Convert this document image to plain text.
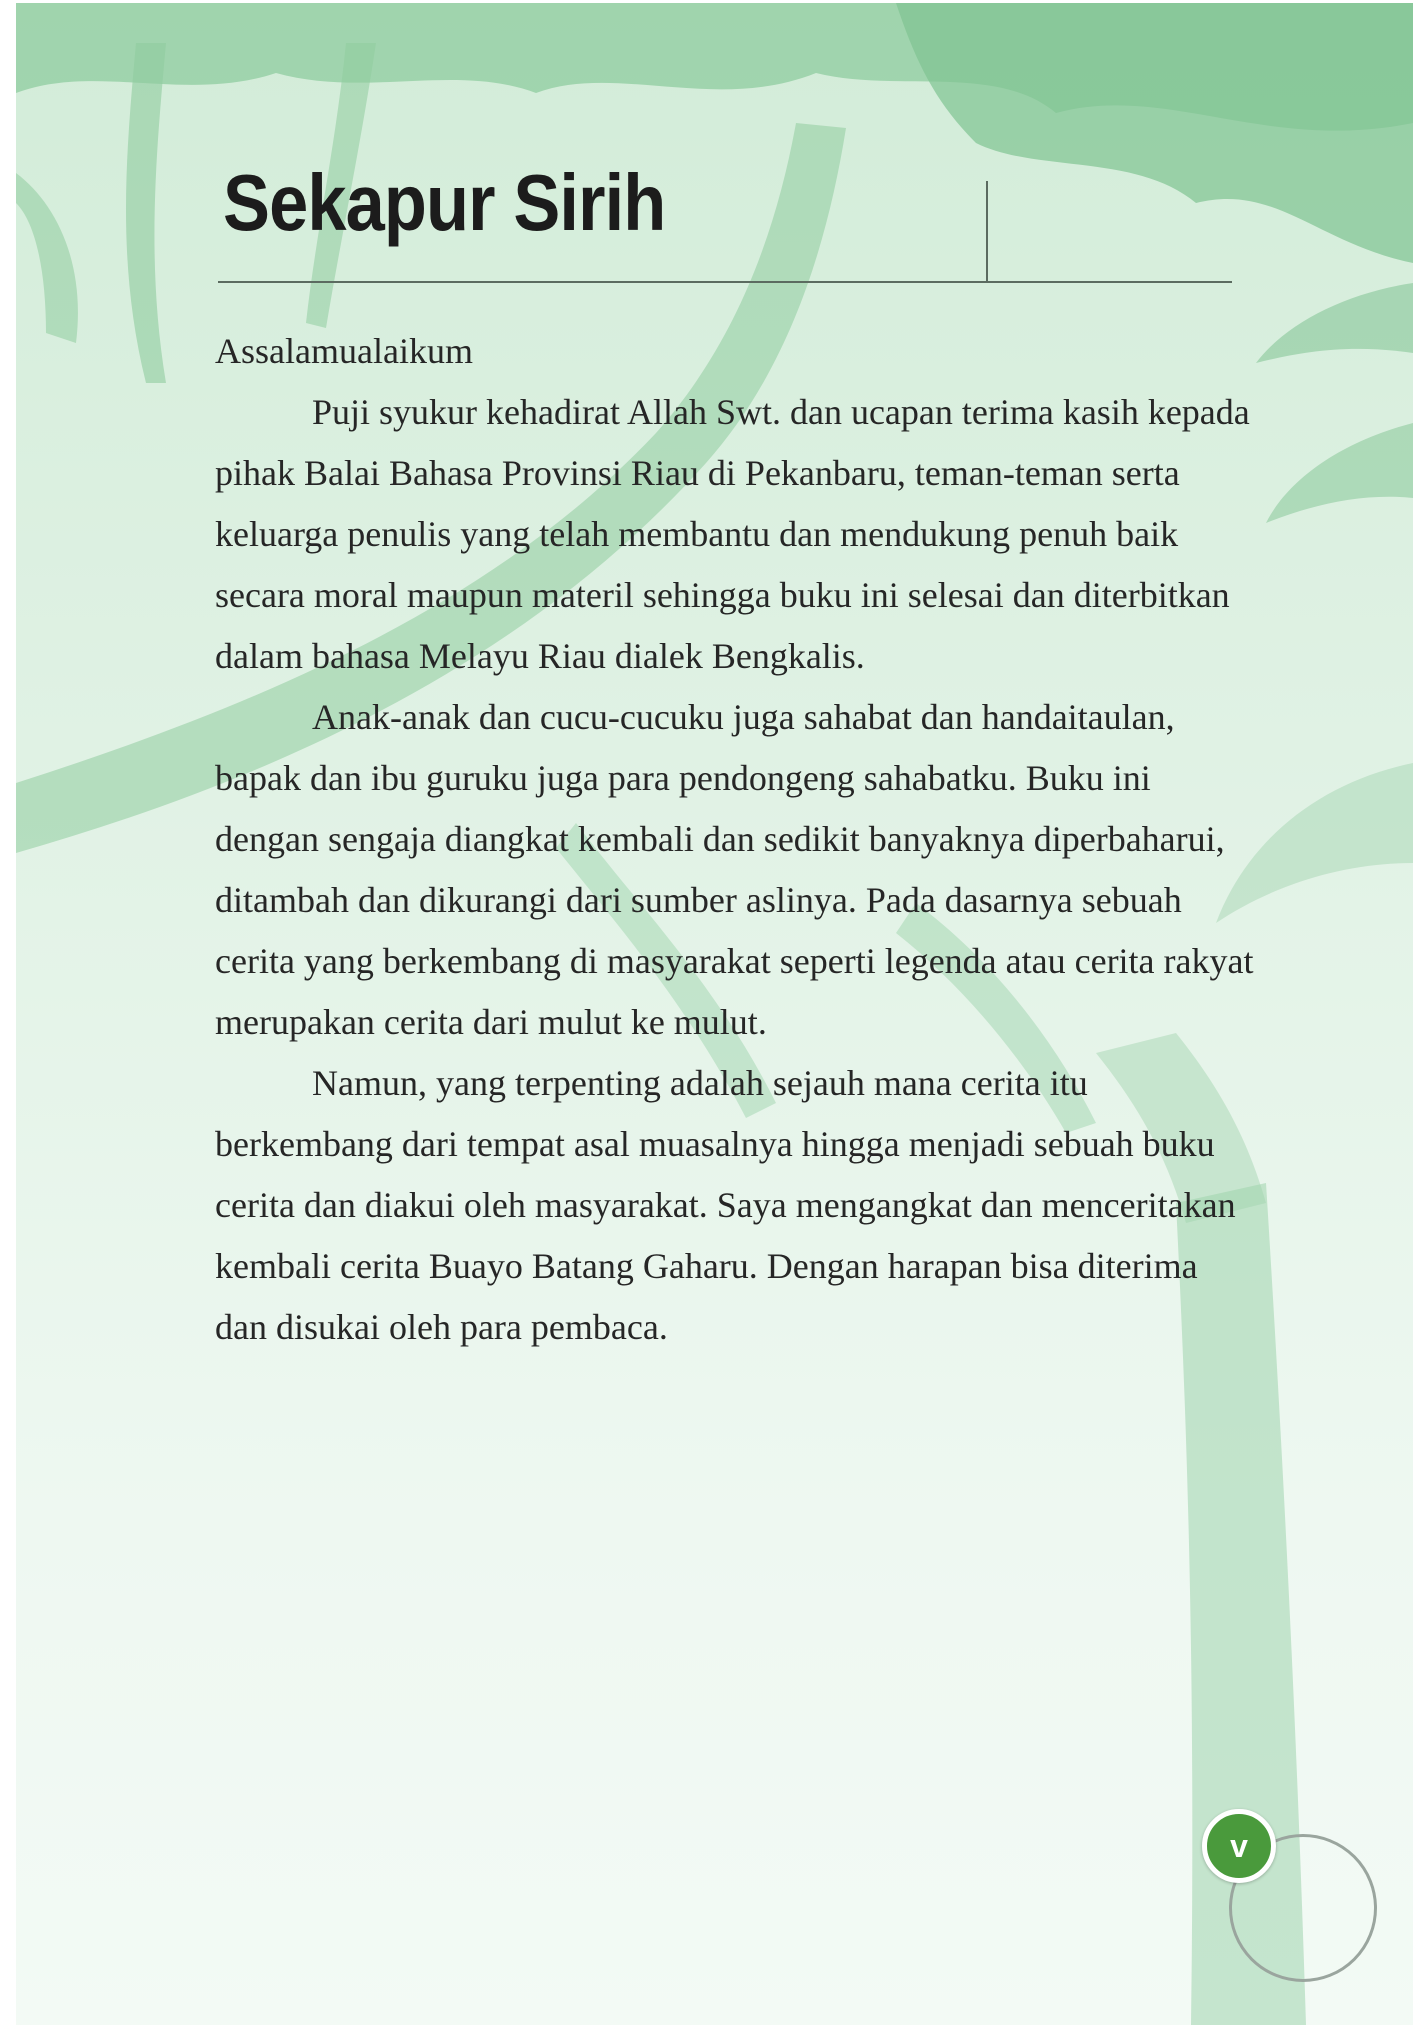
Sekapur Sirih

Assalamualaikum

Puji syukur kehadirat Allah Swt. dan ucapan terima kasih kepada pihak Balai Bahasa Provinsi Riau di Pekanbaru, teman-teman serta keluarga penulis yang telah membantu dan mendukung penuh baik secara moral maupun materil sehingga buku ini selesai dan diterbitkan dalam bahasa Melayu Riau dialek Bengkalis.

Anak-anak dan cucu-cucuku juga sahabat dan handaitaulan, bapak dan ibu guruku juga para pendongeng sahabatku. Buku ini dengan sengaja diangkat kembali dan sedikit banyaknya diperbaharui, ditambah dan dikurangi dari sumber aslinya. Pada dasarnya sebuah cerita yang berkembang di masyarakat seperti legenda atau cerita rakyat merupakan cerita dari mulut ke mulut.

Namun, yang terpenting adalah sejauh mana cerita itu berkembang dari tempat asal muasalnya hingga menjadi sebuah buku cerita dan diakui oleh masyarakat. Saya mengangkat dan menceritakan kembali cerita Buayo Batang Gaharu. Dengan harapan bisa diterima dan disukai oleh para pembaca.

v
